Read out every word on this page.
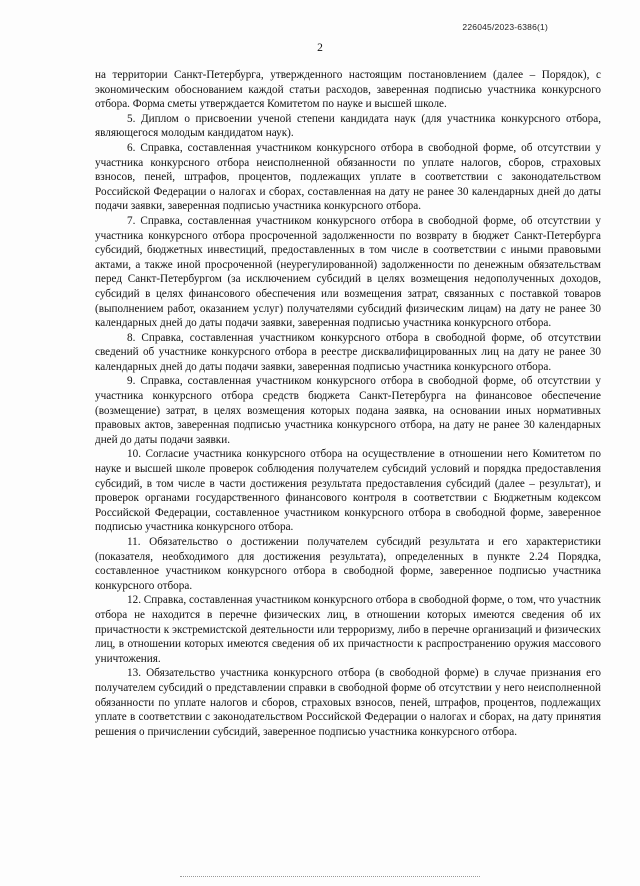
226045/2023-6386(1)
2

на территории Санкт-Петербурга, утвержденного настоящим постановлением (далее – Порядок), с экономическим обоснованием каждой статьи расходов, заверенная подписью участника конкурсного отбора. Форма сметы утверждается Комитетом по науке и высшей школе.

5. Диплом о присвоении ученой степени кандидата наук (для участника конкурсного отбора, являющегося молодым кандидатом наук).

6. Справка, составленная участником конкурсного отбора в свободной форме, об отсутствии у участника конкурсного отбора неисполненной обязанности по уплате налогов, сборов, страховых взносов, пеней, штрафов, процентов, подлежащих уплате в соответствии с законодательством Российской Федерации о налогах и сборах, составленная на дату не ранее 30 календарных дней до даты подачи заявки, заверенная подписью участника конкурсного отбора.

7. Справка, составленная участником конкурсного отбора в свободной форме, об отсутствии у участника конкурсного отбора просроченной задолженности по возврату в бюджет Санкт-Петербурга субсидий, бюджетных инвестиций, предоставленных в том числе в соответствии с иными правовыми актами, а также иной просроченной (неурегулированной) задолженности по денежным обязательствам перед Санкт-Петербургом (за исключением субсидий в целях возмещения недополученных доходов, субсидий в целях финансового обеспечения или возмещения затрат, связанных с поставкой товаров (выполнением работ, оказанием услуг) получателями субсидий физическим лицам) на дату не ранее 30 календарных дней до даты подачи заявки, заверенная подписью участника конкурсного отбора.

8. Справка, составленная участником конкурсного отбора в свободной форме, об отсутствии сведений об участнике конкурсного отбора в реестре дисквалифицированных лиц на дату не ранее 30 календарных дней до даты подачи заявки, заверенная подписью участника конкурсного отбора.

9. Справка, составленная участником конкурсного отбора в свободной форме, об отсутствии у участника конкурсного отбора средств бюджета Санкт-Петербурга на финансовое обеспечение (возмещение) затрат, в целях возмещения которых подана заявка, на основании иных нормативных правовых актов, заверенная подписью участника конкурсного отбора, на дату не ранее 30 календарных дней до даты подачи заявки.

10. Согласие участника конкурсного отбора на осуществление в отношении него Комитетом по науке и высшей школе проверок соблюдения получателем субсидий условий и порядка предоставления субсидий, в том числе в части достижения результата предоставления субсидий (далее – результат), и проверок органами государственного финансового контроля в соответствии с Бюджетным кодексом Российской Федерации, составленное участником конкурсного отбора в свободной форме, заверенное подписью участника конкурсного отбора.

11. Обязательство о достижении получателем субсидий результата и его характеристики (показателя, необходимого для достижения результата), определенных в пункте 2.24 Порядка, составленное участником конкурсного отбора в свободной форме, заверенное подписью участника конкурсного отбора.

12. Справка, составленная участником конкурсного отбора в свободной форме, о том, что участник отбора не находится в перечне физических лиц, в отношении которых имеются сведения об их причастности к экстремистской деятельности или терроризму, либо в перечне организаций и физических лиц, в отношении которых имеются сведения об их причастности к распространению оружия массового уничтожения.

13. Обязательство участника конкурсного отбора (в свободной форме) в случае признания его получателем субсидий о представлении справки в свободной форме об отсутствии у него неисполненной обязанности по уплате налогов и сборов, страховых взносов, пеней, штрафов, процентов, подлежащих уплате в соответствии с законодательством Российской Федерации о налогах и сборах, на дату принятия решения о причислении субсидий, заверенное подписью участника конкурсного отбора.
